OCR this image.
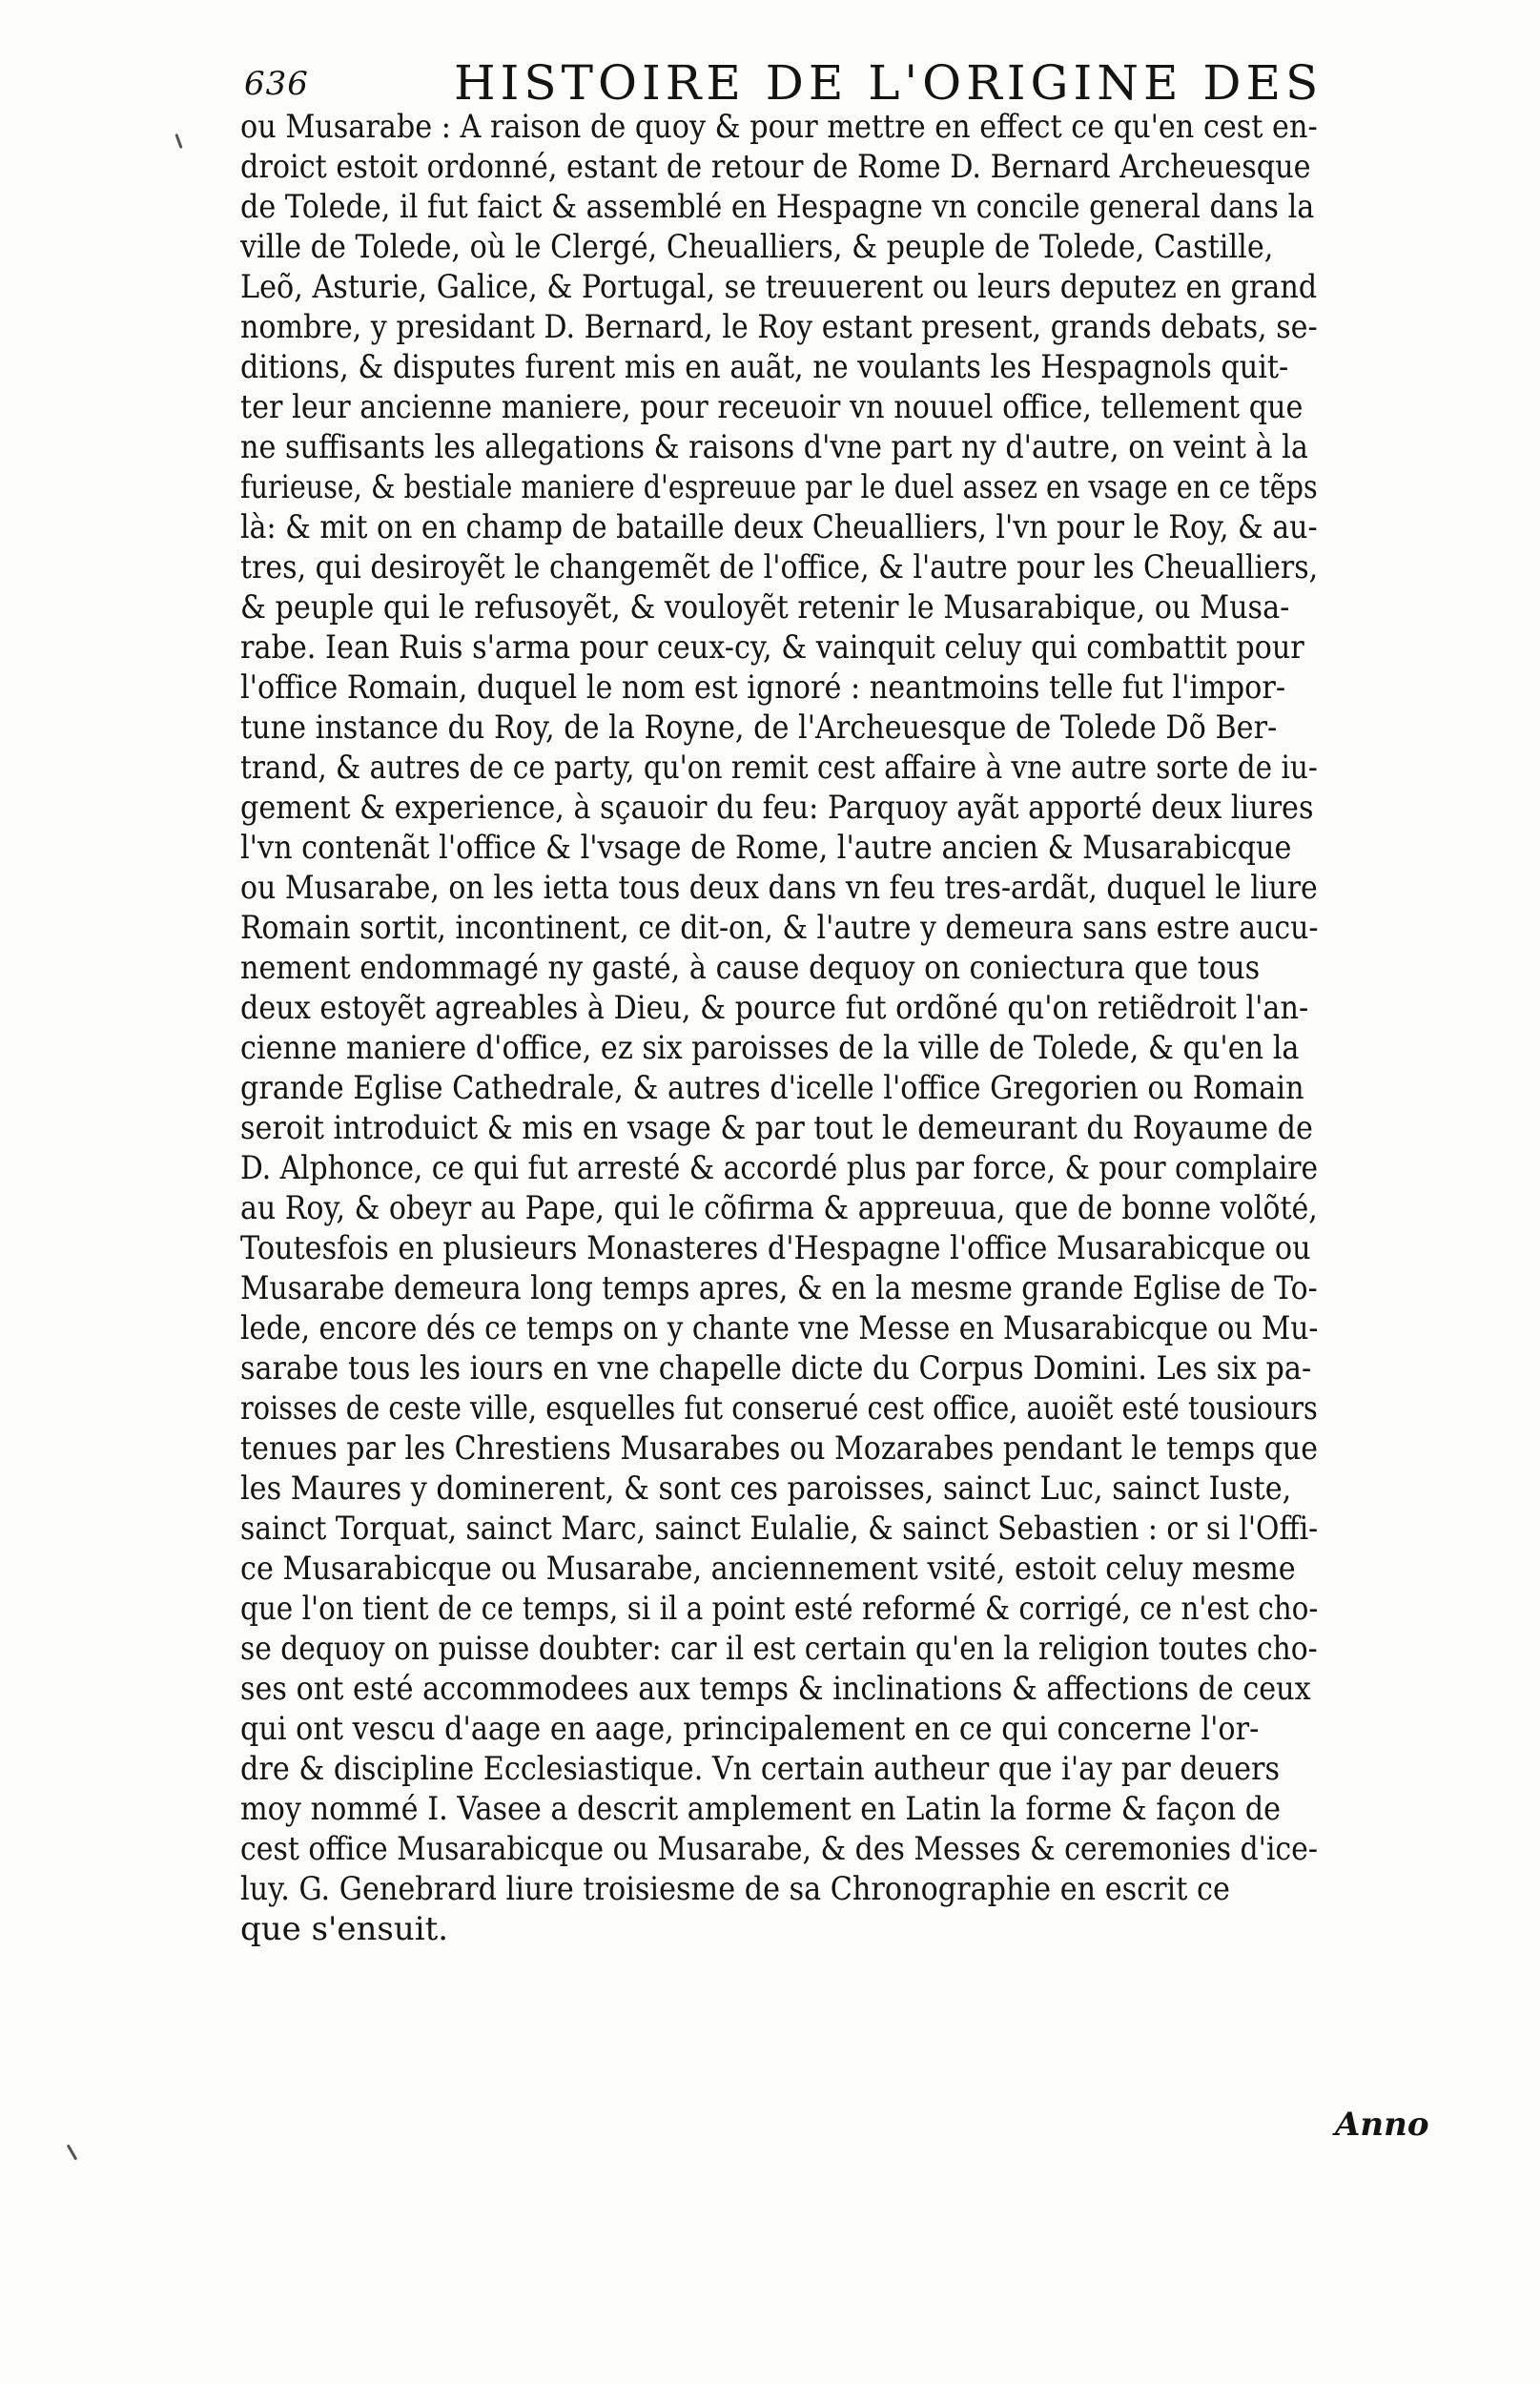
636	HISTOIRE DE L'ORIGINE DES
ou Musarabe : A raison de quoy & pour mettre en effect ce qu'en cest en-
droict estoit ordonné, estant de retour de Rome D. Bernard Archeuesque
de Tolede, il fut faict & assemblé en Hespagne vn concile general dans la
ville de Tolede, où le Clergé, Cheualliers, & peuple de Tolede, Castille,
Leõ, Asturie, Galice, & Portugal, se treuuerent ou leurs deputez en grand
nombre, y presidant D. Bernard, le Roy estant present, grands debats, se-
ditions, & disputes furent mis en auãt, ne voulants les Hespagnols quit-
ter leur ancienne maniere, pour receuoir vn nouuel office, tellement que
ne suffisants les allegations & raisons d'vne part ny d'autre, on veint à la
furieuse, & bestiale maniere d'espreuue par le duel assez en vsage en ce tẽps
là: & mit on en champ de bataille deux Cheualliers, l'vn pour le Roy, & au-
tres, qui desiroyẽt le changemẽt de l'office, & l'autre pour les Cheualliers,
& peuple qui le refusoyẽt, & vouloyẽt retenir le Musarabique, ou Musa-
rabe. Iean Ruis s'arma pour ceux-cy, & vainquit celuy qui combattit pour
l'office Romain, duquel le nom est ignoré : neantmoins telle fut l'impor-
tune instance du Roy, de la Royne, de l'Archeuesque de Tolede Dõ Ber-
trand, & autres de ce party, qu'on remit cest affaire à vne autre sorte de iu-
gement & experience, à sçauoir du feu: Parquoy ayãt apporté deux liures
l'vn contenãt l'office & l'vsage de Rome, l'autre ancien & Musarabicque
ou Musarabe, on les ietta tous deux dans vn feu tres-ardãt, duquel le liure
Romain sortit, incontinent, ce dit-on, & l'autre y demeura sans estre aucu-
nement endommagé ny gasté, à cause dequoy on coniectura que tous
deux estoyẽt agreables à Dieu, & pource fut ordõné qu'on retiẽdroit l'an-
cienne maniere d'office, ez six paroisses de la ville de Tolede, & qu'en la
grande Eglise Cathedrale, & autres d'icelle l'office Gregorien ou Romain
seroit introduict & mis en vsage & par tout le demeurant du Royaume de
D. Alphonce, ce qui fut arresté & accordé plus par force, & pour complaire
au Roy, & obeyr au Pape, qui le cõfirma & appreuua, que de bonne volõté,
Toutesfois en plusieurs Monasteres d'Hespagne l'office Musarabicque ou
Musarabe demeura long temps apres, & en la mesme grande Eglise de To-
lede, encore dés ce temps on y chante vne Messe en Musarabicque ou Mu-
sarabe tous les iours en vne chapelle dicte du Corpus Domini. Les six pa-
roisses de ceste ville, esquelles fut conserué cest office, auoiẽt esté tousiours
tenues par les Chrestiens Musarabes ou Mozarabes pendant le temps que
les Maures y dominerent, & sont ces paroisses, sainct Luc, sainct Iuste,
sainct Torquat, sainct Marc, sainct Eulalie, & sainct Sebastien : or si l'Offi-
ce Musarabicque ou Musarabe, anciennement vsité, estoit celuy mesme
que l'on tient de ce temps, si il a point esté reformé & corrigé, ce n'est cho-
se dequoy on puisse doubter: car il est certain qu'en la religion toutes cho-
ses ont esté accommodees aux temps & inclinations & affections de ceux
qui ont vescu d'aage en aage, principalement en ce qui concerne l'or-
dre & discipline Ecclesiastique. Vn certain autheur que i'ay par deuers
moy nommé I. Vasee a descrit amplement en Latin la forme & façon de
cest office Musarabicque ou Musarabe, & des Messes & ceremonies d'ice-
luy. G. Genebrard liure troisiesme de sa Chronographie en escrit ce
que s'ensuit.
Anno
